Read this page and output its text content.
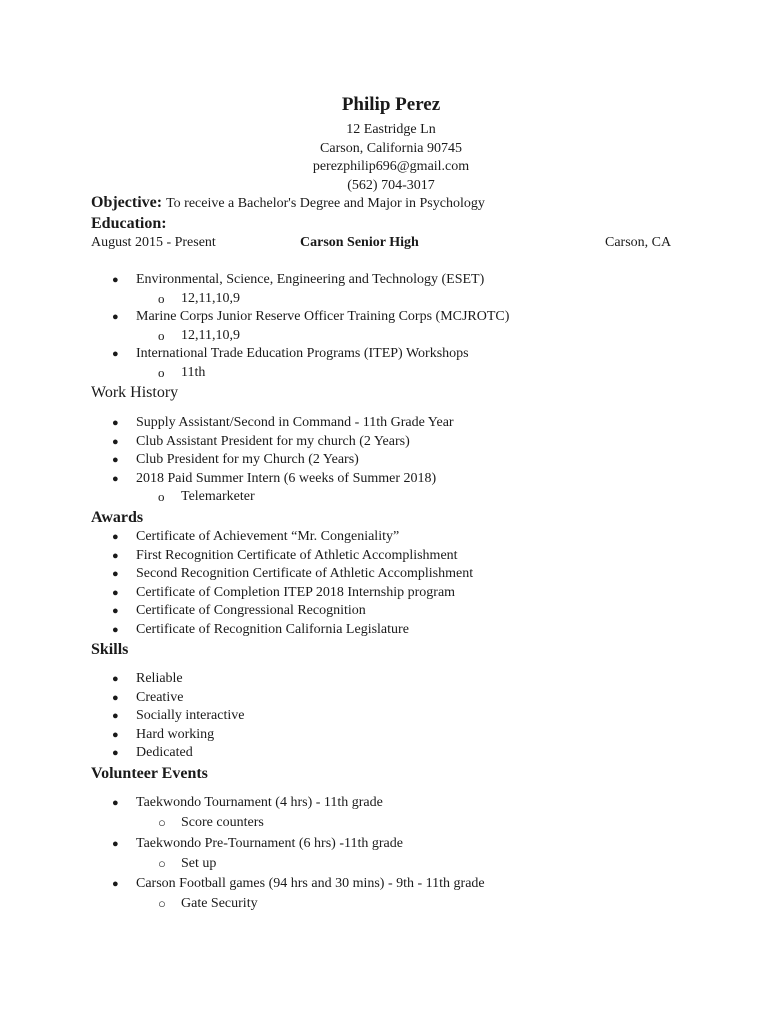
Philip Perez
12 Eastridge Ln
Carson, California 90745
perezphilip696@gmail.com
(562) 704-3017
Objective: To receive a Bachelor's Degree and Major in Psychology
Education:
August 2015 - Present	Carson Senior High	Carson, CA
● Environmental, Science, Engineering and Technology (ESET)
o 12,11,10,9
● Marine Corps Junior Reserve Officer Training Corps (MCJROTC)
o 12,11,10,9
● International Trade Education Programs (ITEP) Workshops
o 11th
Work History
● Supply Assistant/Second in Command - 11th Grade Year
● Club Assistant President for my church (2 Years)
● Club President for my Church (2 Years)
● 2018 Paid Summer Intern (6 weeks of Summer 2018)
o Telemarketer
Awards
● Certificate of Achievement “Mr. Congeniality”
● First Recognition Certificate of Athletic Accomplishment
● Second Recognition Certificate of Athletic Accomplishment
● Certificate of Completion ITEP 2018 Internship program
● Certificate of Congressional Recognition
● Certificate of Recognition California Legislature
Skills
● Reliable
● Creative
● Socially interactive
● Hard working
● Dedicated
Volunteer Events
● Taekwondo Tournament (4 hrs) - 11th grade
○ Score counters
● Taekwondo Pre-Tournament (6 hrs) -11th grade
○ Set up
● Carson Football games (94 hrs and 30 mins) - 9th - 11th grade
○ Gate Security
